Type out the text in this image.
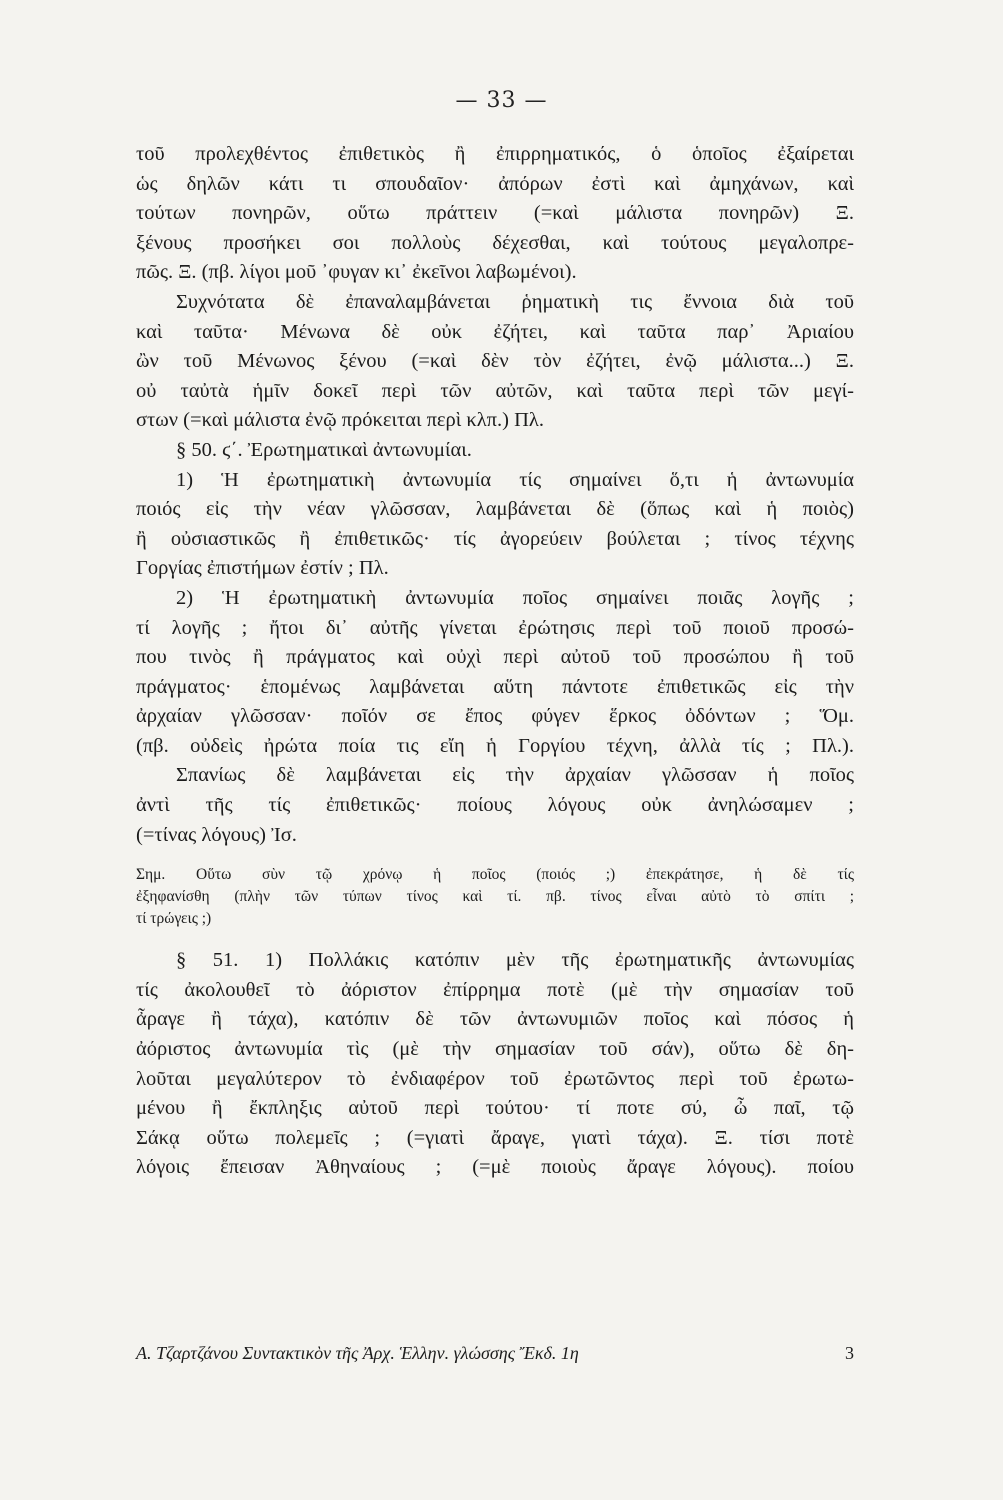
— 33 —
τοῦ προλεχθέντος ἐπιθετικὸς ἢ ἐπιρρηματικός, ὁ ὁποῖος ἐξαίρεται
ὡς δηλῶν κάτι τι σπουδαῖον· ἀπόρων ἐστὶ καὶ ἀμηχάνων, καὶ
τούτων πονηρῶν, οὕτω πράττειν (=καὶ μάλιστα πονηρῶν) Ξ.
ξένους προσήκει σοι πολλοὺς δέχεσθαι, καὶ τούτους μεγαλοπρε-
πῶς. Ξ. (πβ. λίγοι μοῦ ᾿φυγαν κι᾿ ἐκεῖνοι λαβωμένοι).
Συχνότατα δὲ ἐπαναλαμβάνεται ῥηματικὴ τις ἔννοια διὰ τοῦ
καὶ ταῦτα· Μένωνα δὲ οὐκ ἐζήτει, καὶ ταῦτα παρ᾿ Ἀριαίου
ὢν τοῦ Μένωνος ξένου (=καὶ δὲν τὸν ἐζήτει, ἐνῷ μάλιστα...) Ξ.
οὐ ταὐτὰ ἡμῖν δοκεῖ περὶ τῶν αὐτῶν, καὶ ταῦτα περὶ τῶν μεγί-
στων (=καὶ μάλιστα ἐνῷ πρόκειται περὶ κλπ.) Πλ.
§ 50. ϛ΄. Ἐρωτηματικαὶ ἀντωνυμίαι.
1) Ἡ ἐρωτηματικὴ ἀντωνυμία τίς σημαίνει ὅ,τι ἡ ἀντωνυμία
ποιός εἰς τὴν νέαν γλῶσσαν, λαμβάνεται δὲ (ὅπως καὶ ἡ ποιὸς)
ἢ οὐσιαστικῶς ἢ ἐπιθετικῶς· τίς ἀγορεύειν βούλεται ; τίνος τέχνης
Γοργίας ἐπιστήμων ἐστίν ; Πλ.
2) Ἡ ἐρωτηματικὴ ἀντωνυμία ποῖος σημαίνει ποιᾶς λογῆς ;
τί λογῆς ; ἤτοι δι᾿ αὐτῆς γίνεται ἐρώτησις περὶ τοῦ ποιοῦ προσώ-
που τινὸς ἢ πράγματος καὶ οὐχὶ περὶ αὐτοῦ τοῦ προσώπου ἢ τοῦ
πράγματος· ἑπομένως λαμβάνεται αὕτη πάντοτε ἐπιθετικῶς εἰς τὴν
ἀρχαίαν γλῶσσαν· ποῖόν σε ἔπος φύγεν ἕρκος ὀδόντων ; Ὅμ.
(πβ. οὐδεὶς ἠρώτα ποία τις εἴη ἡ Γοργίου τέχνη, ἀλλὰ τίς ; Πλ.).
Σπανίως δὲ λαμβάνεται εἰς τὴν ἀρχαίαν γλῶσσαν ἡ ποῖος
ἀντὶ τῆς τίς ἐπιθετικῶς· ποίους λόγους οὐκ ἀνηλώσαμεν ;
(=τίνας λόγους) Ἰσ.
Σημ. Οὕτω σὺν τῷ χρόνῳ ἡ ποῖος (ποιός ;) ἐπεκράτησε, ἡ δὲ τίς
ἐξηφανίσθη (πλὴν τῶν τύπων τίνος καὶ τί. πβ. τίνος εἶναι αὐτὸ τὸ σπίτι ;
τί τρώγεις ;)
§ 51. 1) Πολλάκις κατόπιν μὲν τῆς ἐρωτηματικῆς ἀντωνυμίας
τίς ἀκολουθεῖ τὸ ἀόριστον ἐπίρρημα ποτὲ (μὲ τὴν σημασίαν τοῦ
ἆραγε ἢ τάχα), κατόπιν δὲ τῶν ἀντωνυμιῶν ποῖος καὶ πόσος ἡ
ἀόριστος ἀντωνυμία τὶς (μὲ τὴν σημασίαν τοῦ σάν), οὕτω δὲ δη-
λοῦται μεγαλύτερον τὸ ἐνδιαφέρον τοῦ ἐρωτῶντος περὶ τοῦ ἐρωτω-
μένου ἢ ἔκπληξις αὐτοῦ περὶ τούτου· τί ποτε σύ, ὦ παῖ, τῷ
Σάκᾳ οὕτω πολεμεῖς ; (=γιατὶ ἄραγε, γιατὶ τάχα). Ξ. τίσι ποτὲ
λόγοις ἔπεισαν Ἀθηναίους ; (=μὲ ποιοὺς ἄραγε λόγους). ποίου
Α. Τζαρτζάνου Συντακτικὸν τῆς Ἀρχ. Ἑλλην. γλώσσης Ἔκδ. 1η	3
